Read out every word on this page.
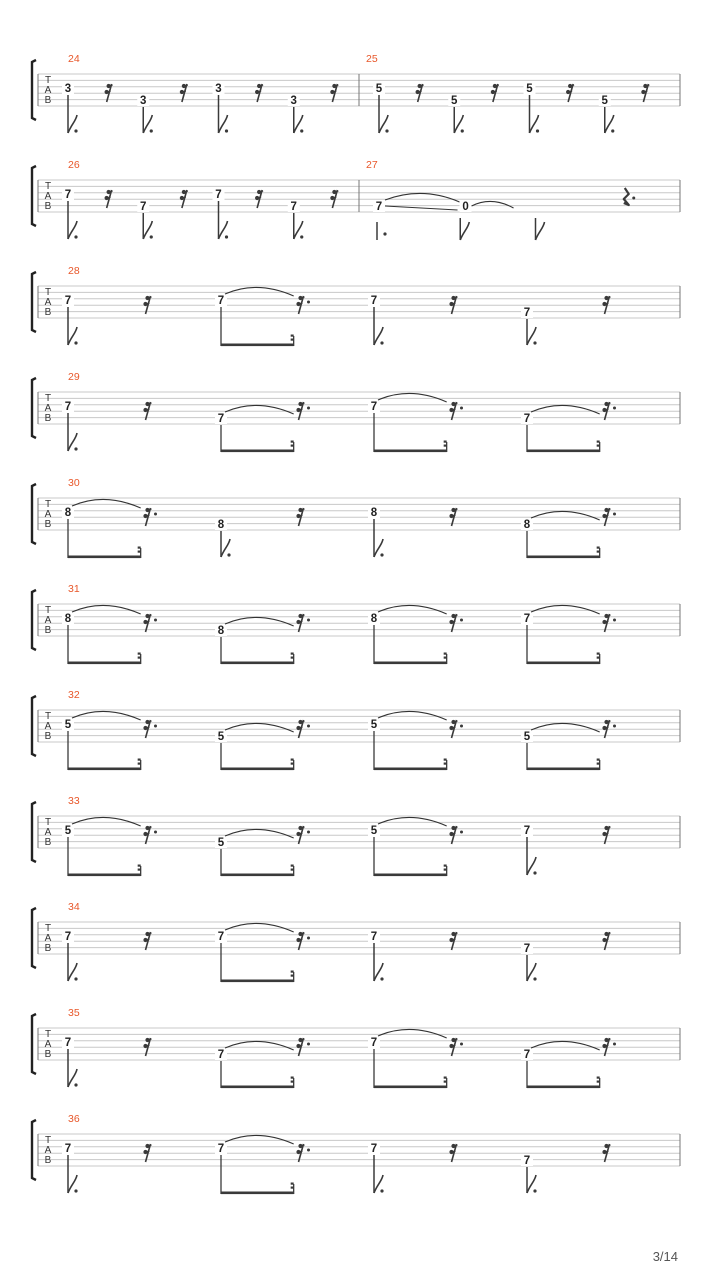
T
A
B
24
3
3
3
3
25
5
5
5
5
T
A
B
26
7
7
7
7
27
7	0
T
A
B
28
7	7	7
7
T
A
B
29
7
7
7
7
T
A
B
30
8
8
8
8
T
A
B
31
8
8
8	7
T
A
B
32
5
5
5
5
T
A
B
33
5
5
5	7
T
A
B
34
7	7	7
7
T
A
B
35
7
7
7
7
T
A
B
36
7	7	7
7
3/14
